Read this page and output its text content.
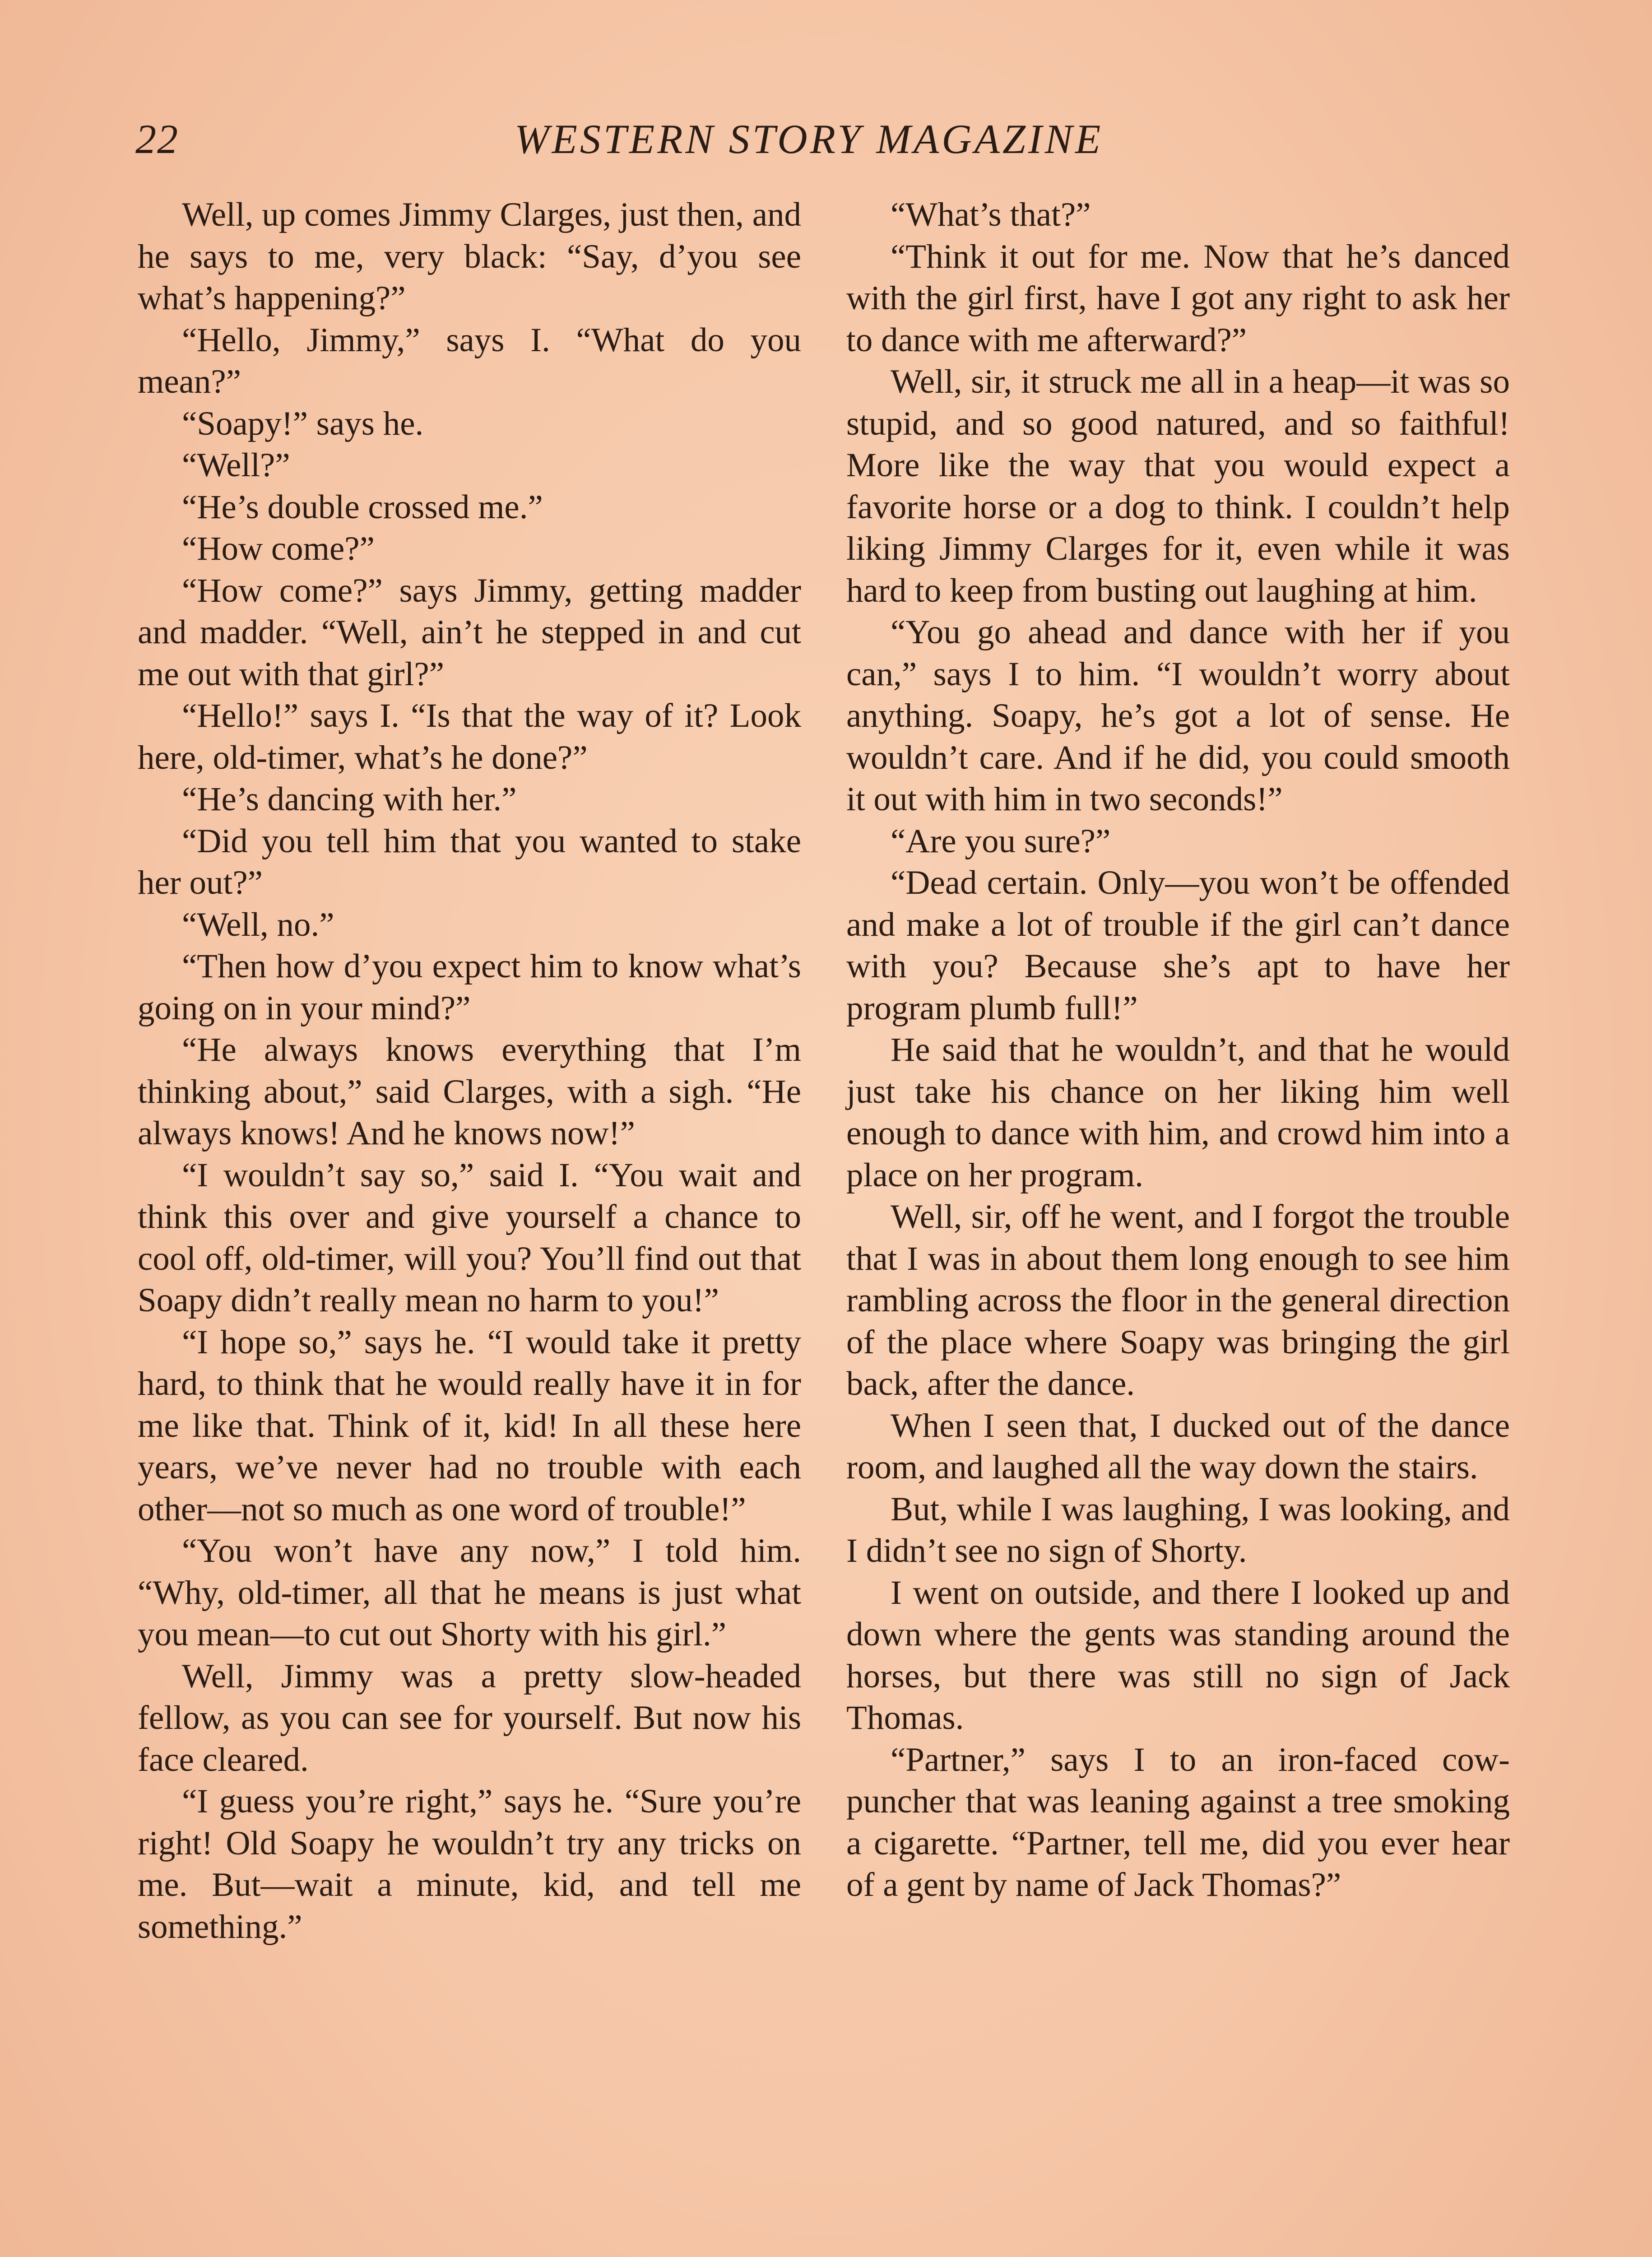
22	WESTERN STORY MAGAZINE

Well, up comes Jimmy Clarges, just then, and he says to me, very black: “Say, d’you see what’s happening?”

“Hello, Jimmy,” says I. “What do you mean?”

“Soapy!” says he.

“Well?”

“He’s double crossed me.”

“How come?”

“How come?” says Jimmy, getting madder and madder. “Well, ain’t he stepped in and cut me out with that girl?”

“Hello!” says I. “Is that the way of it? Look here, old-timer, what’s he done?”

“He’s dancing with her.”

“Did you tell him that you wanted to stake her out?”

“Well, no.”

“Then how d’you expect him to know what’s going on in your mind?”

“He always knows everything that I’m thinking about,” said Clarges, with a sigh. “He always knows! And he knows now!”

“I wouldn’t say so,” said I. “You wait and think this over and give yourself a chance to cool off, old-timer, will you? You’ll find out that Soapy didn’t really mean no harm to you!”

“I hope so,” says he. “I would take it pretty hard, to think that he would really have it in for me like that. Think of it, kid! In all these here years, we’ve never had no trouble with each other—not so much as one word of trouble!”

“You won’t have any now,” I told him. “Why, old-timer, all that he means is just what you mean—to cut out Shorty with his girl.”

Well, Jimmy was a pretty slow-headed fellow, as you can see for yourself. But now his face cleared.

“I guess you’re right,” says he. “Sure you’re right! Old Soapy he wouldn’t try any tricks on me. But—wait a minute, kid, and tell me something.”

“What’s that?”

“Think it out for me. Now that he’s danced with the girl first, have I got any right to ask her to dance with me afterward?”

Well, sir, it struck me all in a heap—it was so stupid, and so good natured, and so faithful! More like the way that you would expect a favorite horse or a dog to think. I couldn’t help liking Jimmy Clarges for it, even while it was hard to keep from busting out laughing at him.

“You go ahead and dance with her if you can,” says I to him. “I wouldn’t worry about anything. Soapy, he’s got a lot of sense. He wouldn’t care. And if he did, you could smooth it out with him in two seconds!”

“Are you sure?”

“Dead certain. Only—you won’t be offended and make a lot of trouble if the girl can’t dance with you? Because she’s apt to have her program plumb full!”

He said that he wouldn’t, and that he would just take his chance on her liking him well enough to dance with him, and crowd him into a place on her program.

Well, sir, off he went, and I forgot the trouble that I was in about them long enough to see him rambling across the floor in the general direction of the place where Soapy was bringing the girl back, after the dance.

When I seen that, I ducked out of the dance room, and laughed all the way down the stairs.

But, while I was laughing, I was looking, and I didn’t see no sign of Shorty.

I went on outside, and there I looked up and down where the gents was standing around the horses, but there was still no sign of Jack Thomas.

“Partner,” says I to an iron-faced cow-puncher that was leaning against a tree smoking a cigarette. “Partner, tell me, did you ever hear of a gent by name of Jack Thomas?”
